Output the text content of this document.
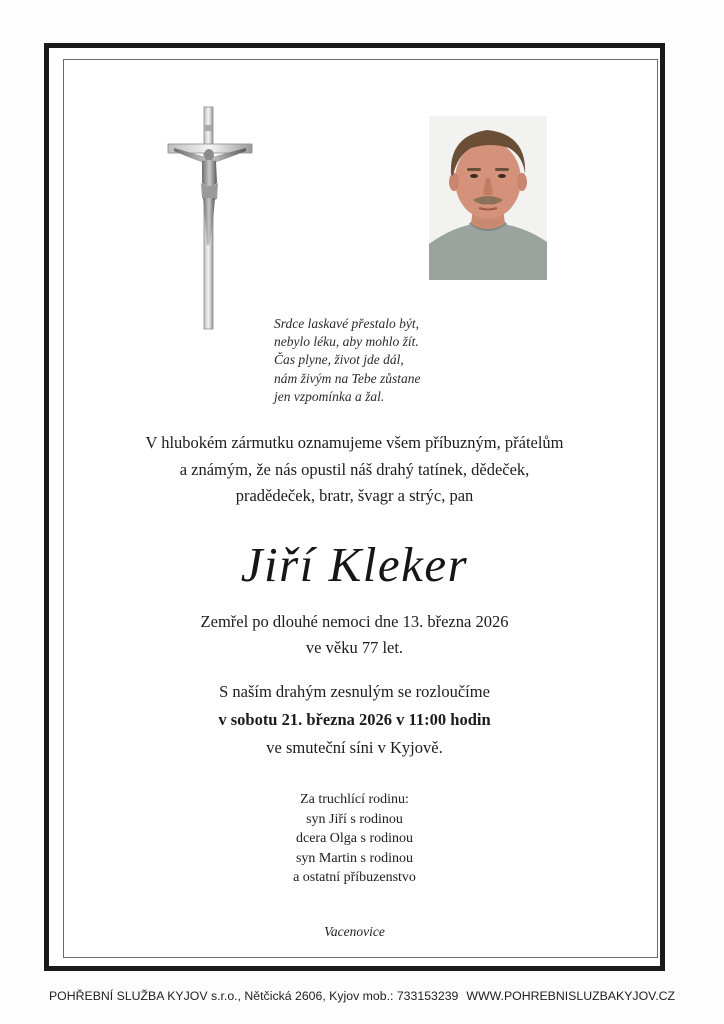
Srdce laskavé přestalo být,
nebylo léku, aby mohlo žít.
Čas plyne, život jde dál,
nám živým na Tebe zůstane
jen vzpomínka a žal.
V hlubokém zármutku oznamujeme všem příbuzným, přátelům
a známým, že nás opustil náš drahý tatínek, dědeček,
pradědeček, bratr, švagr a strýc, pan
Jiří Kleker
Zemřel po dlouhé nemoci dne 13. března 2026
ve věku 77 let.
S naším drahým zesnulým se rozloučíme
v sobotu 21. března 2026 v 11:00 hodin
ve smuteční síni v Kyjově.
Za truchlící rodinu:
syn Jiří s rodinou
dcera Olga s rodinou
syn Martin s rodinou
a ostatní příbuzenstvo
Vacenovice
POHŘEBNÍ SLUŽBA KYJOV s.r.o., Nětčická 2606, Kyjov mob.: 733153239 WWW.POHREBNISLUZBAKYJOV.CZ
